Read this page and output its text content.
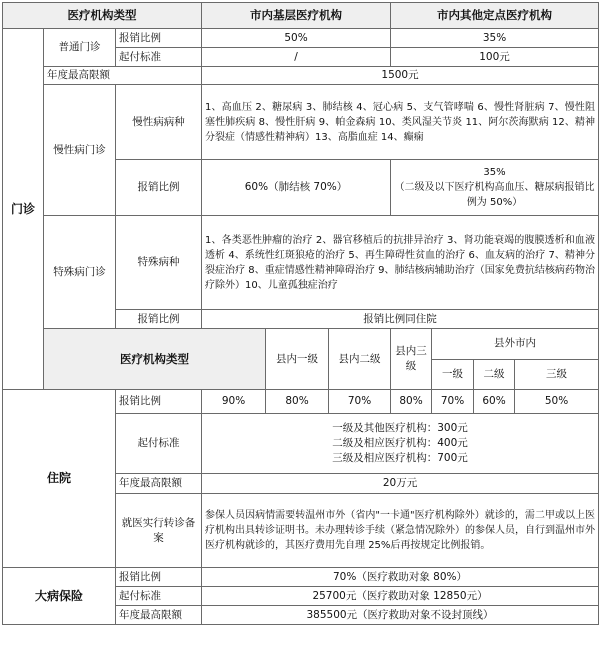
医疗机构类型			市内基层医疗机构			市内其他定点医疗机构				
门诊	普通门诊	报销比例	50%			35%				
		起付标准	/			100元				
	年度最高限额		1500元							
	慢性病门诊	慢性病病种	1、高血压 2、糖尿病 3、肺结核 4、冠心病 5、支气管哮喘 6、慢性肾脏病 7、慢性阻塞性肺疾病 8、慢性肝病 9、帕金森病 10、类风湿关节炎 11、阿尔茨海默病 12、精神分裂症（情感性精神病）13、高脂血症 14、癫痫							
		报销比例	60%（肺结核 70%）			35%
（二级及以下医疗机构高血压、糖尿病报销比例为 50%）				
	特殊病门诊	特殊病种	1、各类恶性肿瘤的治疗 2、器官移植后的抗排异治疗 3、肾功能衰竭的腹膜透析和血液透析 4、系统性红斑狼疮的治疗 5、再生障碍性贫血的治疗 6、血友病的治疗 7、精神分裂症治疗 8、重症情感性精神障碍治疗 9、肺结核病辅助治疗（国家免费抗结核病药物治疗除外）10、儿童孤独症治疗							
		报销比例	报销比例同住院							
	医疗机构类型			县内一级	县内二级	县内三级	县外市内	
							一级	二级	三级	
住院		报销比例	90%	80%	70%	80%	70%	60%	50%	
		起付标准	一级及其他医疗机构：300元
二级及相应医疗机构：400元
三级及相应医疗机构：700元							

		年度最高限额	20万元							
		就医实行转诊备案	参保人员因病情需要转温州市外（省内"一卡通"医疗机构除外）就诊的，需二甲或以上医疗机构出具转诊证明书。未办理转诊手续（紧急情况除外）的参保人员，自行到温州市外医疗机构就诊的，其医疗费用先自理 25%后再按规定比例报销。							
大病保险		报销比例	70%（医疗救助对象 80%）							
		起付标准	25700元（医疗救助对象 12850元）							
		年度最高限额	385500元（医疗救助对象不设封顶线）							
